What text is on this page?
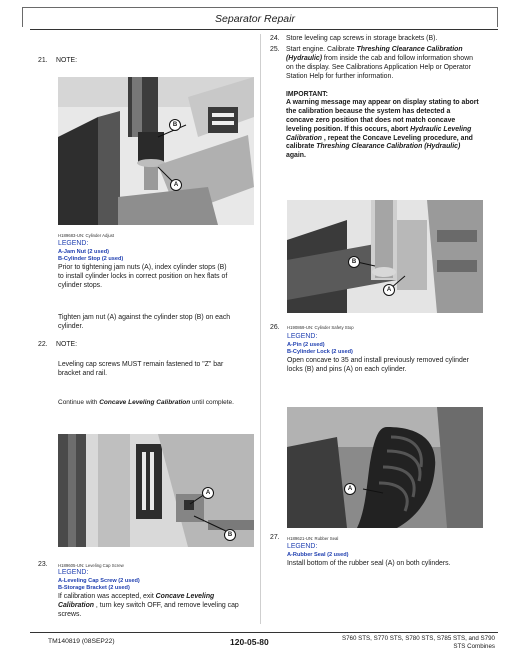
Separator Repair
21. NOTE:
B
A
H189683-UN: Cylinder Adjust
LEGEND:
A-Jam Nut (2 used)
B-Cylinder Stop (2 used)
Prior to tightening jam nuts (A), index cylinder stops (B)
to install cylinder locks in correct position on hex flats of
cylinder stops.
Tighten jam nut (A) against the cylinder stop (B) on each
cylinder.
22. NOTE:
Leveling cap screws MUST remain fastened to "Z" bar
bracket and rail.
Continue with Concave Leveling Calibration until complete.
A
B
23. H189605-UN: Leveling Cap Screw
LEGEND:
A-Leveling Cap Screw (2 used)
B-Storage Bracket (2 used)
If calibration was accepted, exit Concave Leveling
Calibration , turn key switch OFF, and remove leveling cap
screws.
24. Store leveling cap screws in storage brackets (B).
25. Start engine. Calibrate Threshing Clearance Calibration
(Hydraulic) from inside the cab and follow information shown
on the display. See Calibrations Application Help or Operator
Station Help for further information.
IMPORTANT:
A warning message may appear on display stating to abort
the calibration because the system has detected a
concave zero position that does not match concave
leveling position. If this occurs, abort Hydraulic Leveling
Calibration , repeat the Concave Leveling procedure, and
calibrate Threshing Clearance Calibration (Hydraulic)
again.
B
A
26. H190869-UN: Cylinder Safety Stop
LEGEND:
A-Pin (2 used)
B-Cylinder Lock (2 used)
Open concave to 35 and install previously removed cylinder
locks (B) and pins (A) on each cylinder.
A
27. H189621-UN: Rubber Seal
LEGEND:
A-Rubber Seal (2 used)
Install bottom of the rubber seal (A) on both cylinders.
TM140819 (08SEP22)	120-05-80	S760 STS, S770 STS, S780 STS, S785 STS, and S790
STS Combines
